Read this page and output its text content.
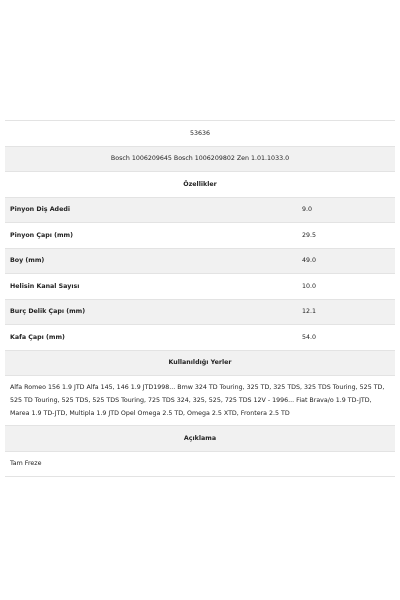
53636
Bosch 1006209645 Bosch 1006209802 Zen 1.01.1033.0
Özellikler
Pinyon Diş Adedi	9.0
Pinyon Çapı (mm)	29.5
Boy (mm)	49.0
Helisin Kanal Sayısı	10.0
Burç Delik Çapı (mm)	12.1
Kafa Çapı (mm)	54.0
Kullanıldığı Yerler
Alfa Romeo 156 1.9 JTD Alfa 145, 146 1.9 JTD1998... Bmw 324 TD Touring, 325 TD, 325 TDS, 325 TDS Touring, 525 TD, 525 TD Touring, 525 TDS, 525 TDS Touring, 725 TDS 324, 325, 525, 725 TDS 12V - 1996... Fiat Brava/o 1.9 TD-JTD, Marea 1.9 TD-JTD, Multipla 1.9 JTD Opel Omega 2.5 TD, Omega 2.5 XTD, Frontera 2.5 TD
Açıklama
Tam Freze
